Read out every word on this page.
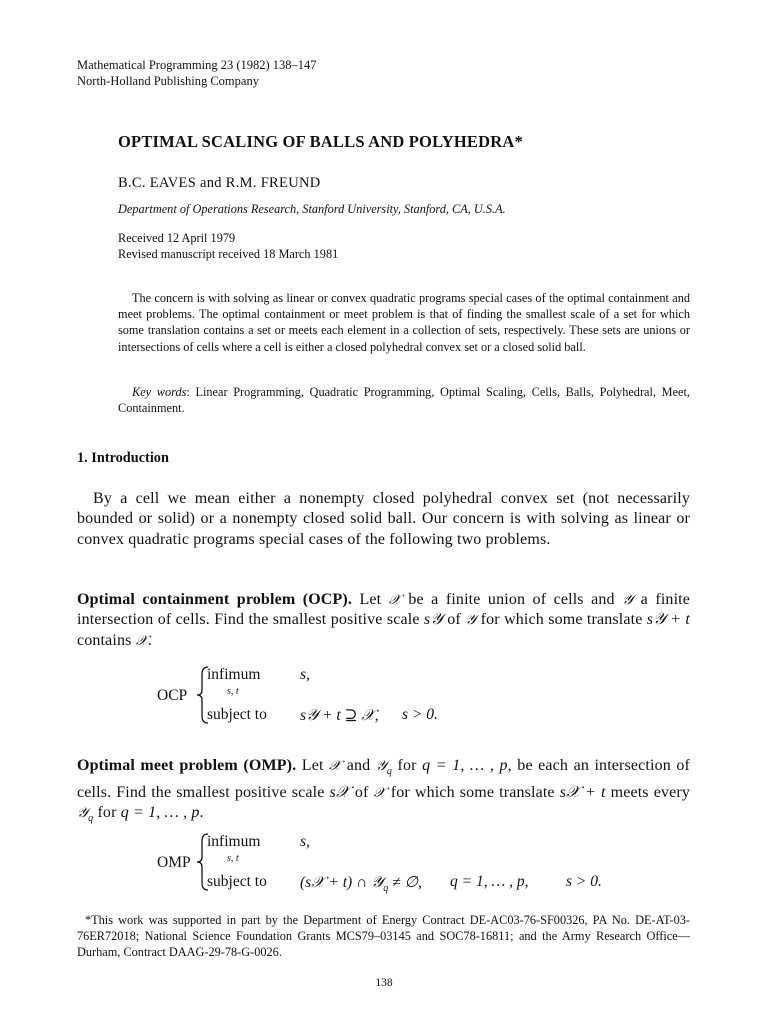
Mathematical Programming 23 (1982) 138–147
North-Holland Publishing Company
OPTIMAL SCALING OF BALLS AND POLYHEDRA*
B.C. EAVES and R.M. FREUND
Department of Operations Research, Stanford University, Stanford, CA, U.S.A.
Received 12 April 1979
Revised manuscript received 18 March 1981

The concern is with solving as linear or convex quadratic programs special cases of the optimal containment and meet problems. The optimal containment or meet problem is that of finding the smallest scale of a set for which some translation contains a set or meets each element in a collection of sets, respectively. These sets are unions or intersections of cells where a cell is either a closed polyhedral convex set or a closed solid ball.

Key words: Linear Programming, Quadratic Programming, Optimal Scaling, Cells, Balls, Polyhedral, Meet, Containment.

1. Introduction

By a cell we mean either a nonempty closed polyhedral convex set (not necessarily bounded or solid) or a nonempty closed solid ball. Our concern is with solving as linear or convex quadratic programs special cases of the following two problems.

Optimal containment problem (OCP). Let 𝒳 be a finite union of cells and 𝒴 a finite intersection of cells. Find the smallest positive scale s𝒴 of 𝒴 for which some translate s𝒴 + t contains 𝒳.

OCP
infimum	s,
s, t
subject to s𝒴 + t ⊇ 𝒳, s > 0.

Optimal meet problem (OMP). Let 𝒳 and 𝒴$_q$ for q = 1, … , p, be each an intersection of cells. Find the smallest positive scale s𝒳 of 𝒳 for which some translate s𝒳 + t meets every 𝒴$_q$ for q = 1, … , p.

OMP
infimum	s,
s, t
subject to (s𝒳 + t) ∩ 𝒴$_q$ ≠ ∅, q = 1, … , p, s > 0.

*This work was supported in part by the Department of Energy Contract DE-AC03-76-SF00326, PA No. DE-AT-03-76ER72018; National Science Foundation Grants MCS79–03145 and SOC78-16811; and the Army Research Office—Durham, Contract DAAG-29-78-G-0026.

138
